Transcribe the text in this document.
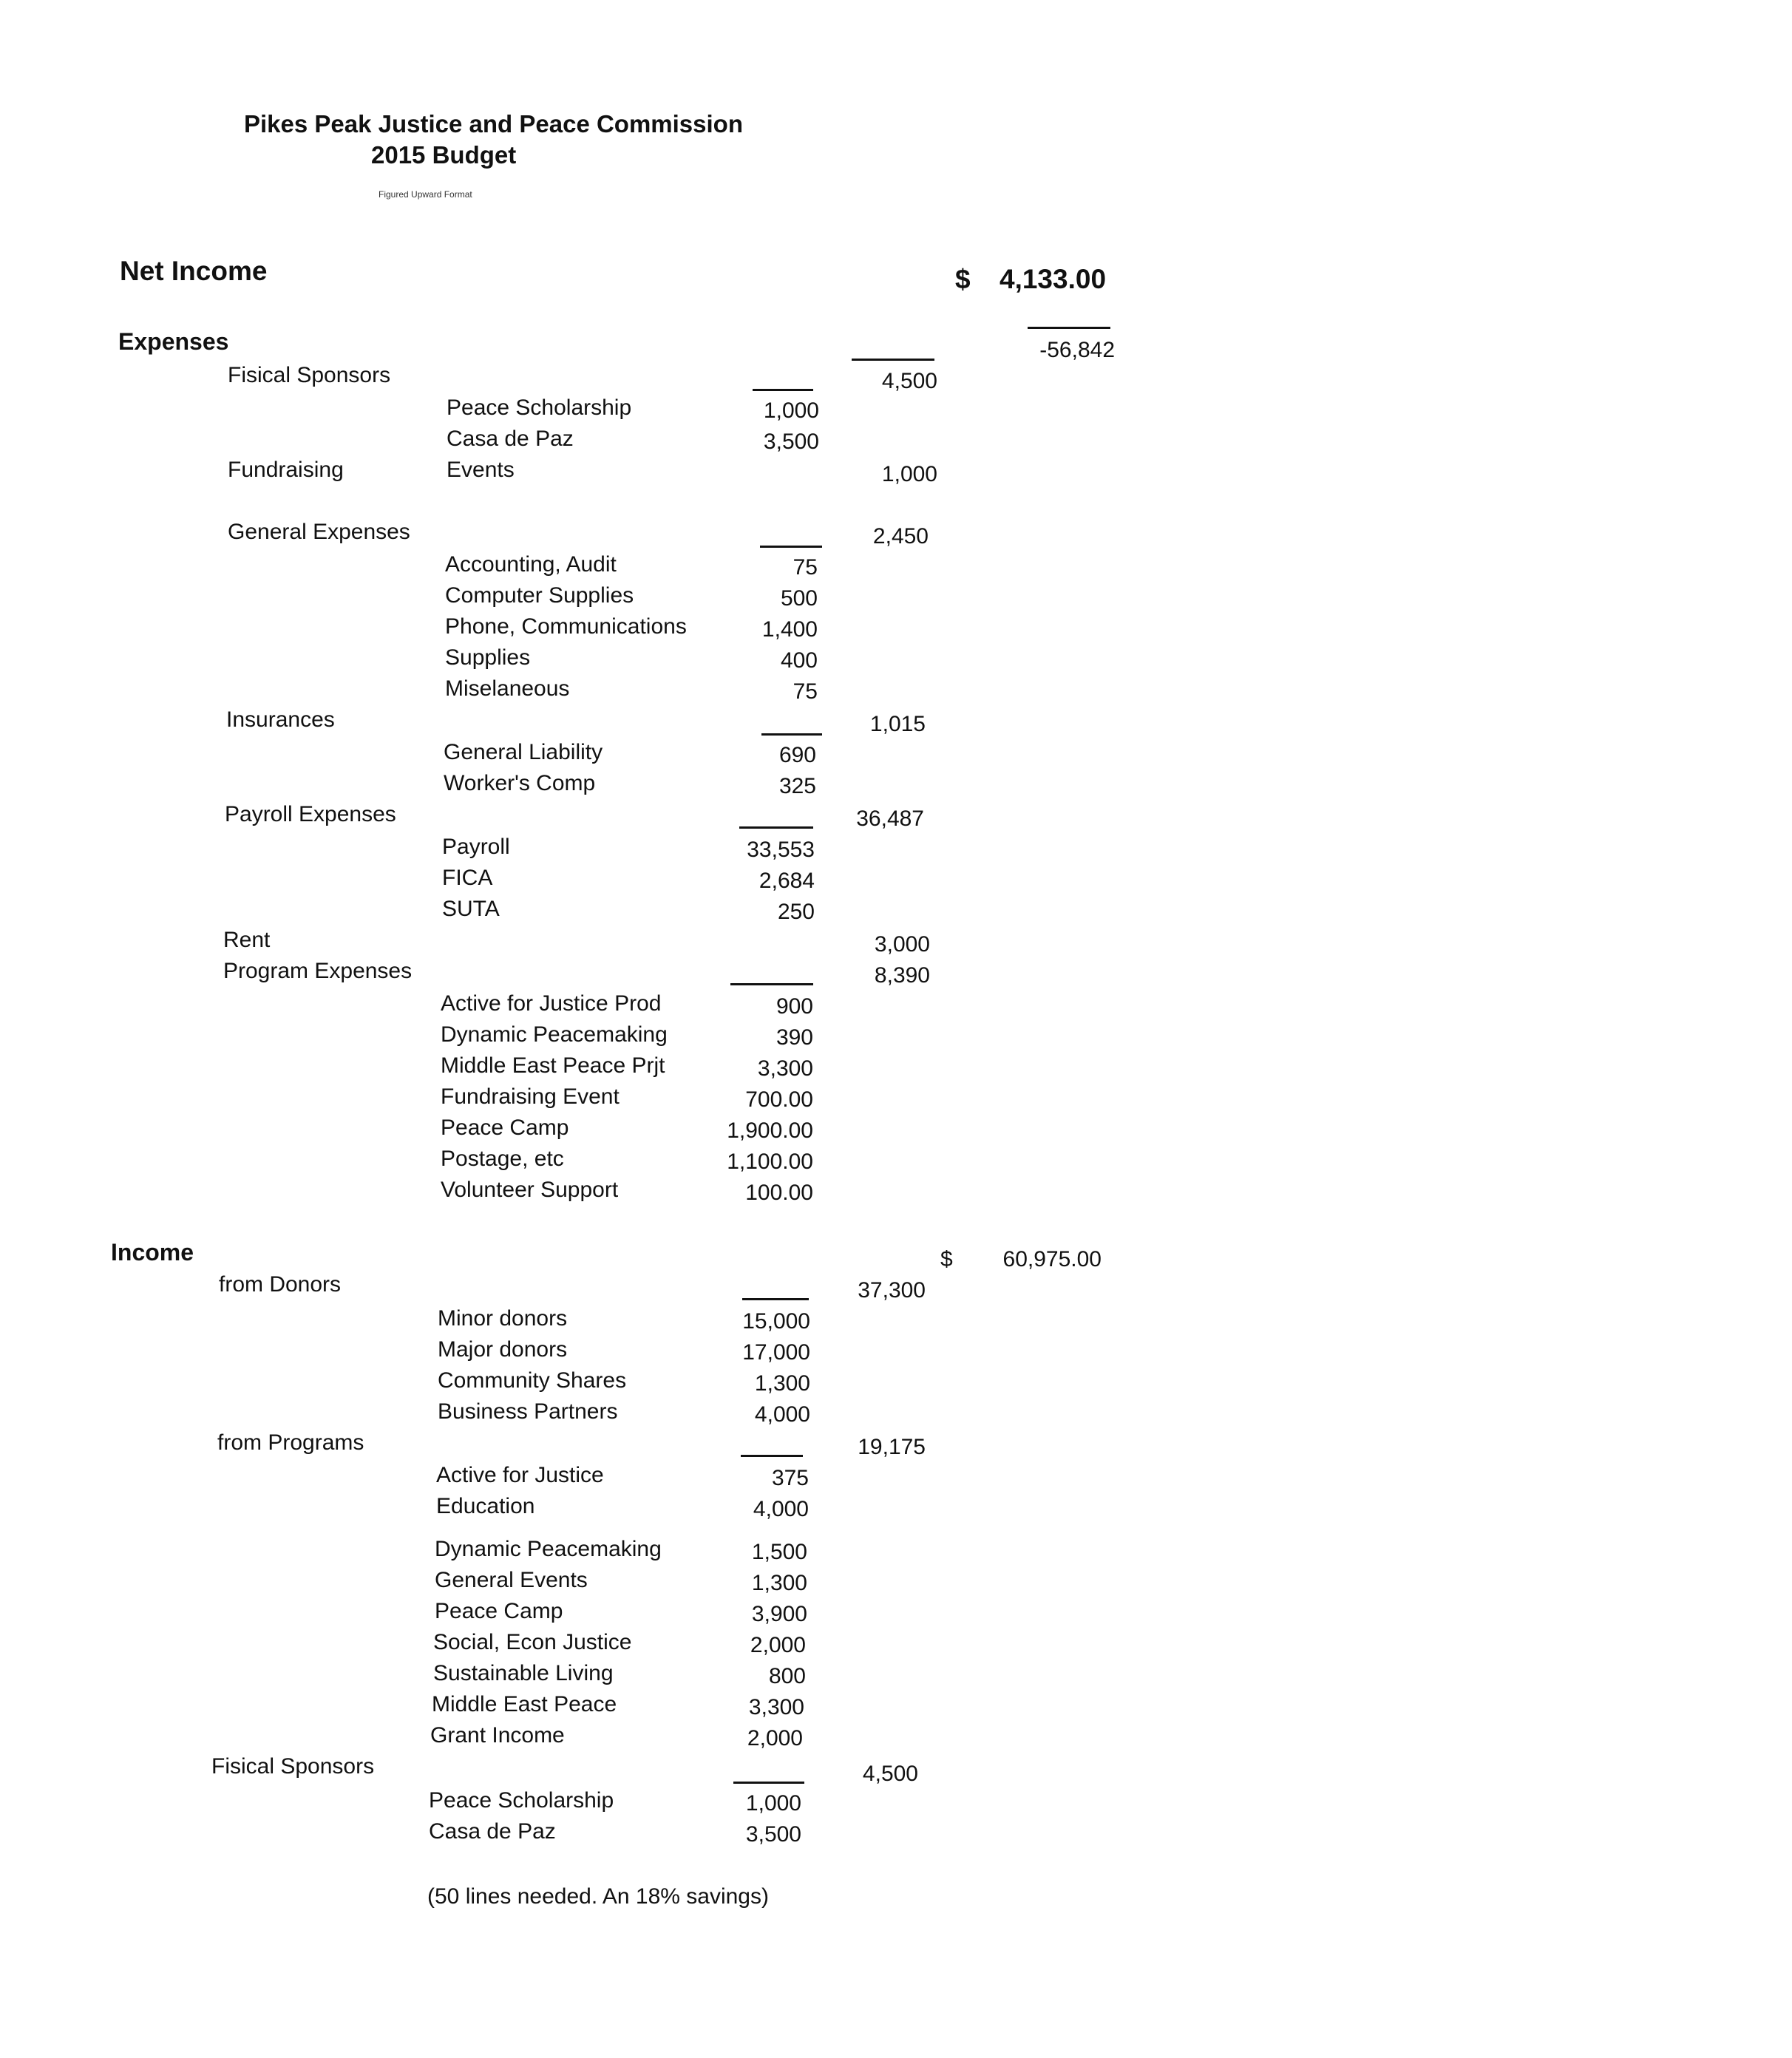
Pikes Peak Justice and Peace Commission
2015 Budget
Figured Upward Format
Net Income	$ 4,133.00
Expenses	-56,842
Fisical Sponsors	4,500
Peace Scholarship	1,000
Casa de Paz	3,500
Fundraising	Events	1,000
General Expenses	2,450
Accounting, Audit	75
Computer Supplies	500
Phone, Communications	1,400
Supplies	400
Miselaneous	75
Insurances	1,015
General Liability	690
Worker's Comp	325
Payroll Expenses	36,487
Payroll	33,553
FICA	2,684
SUTA	250
Rent	3,000
Program Expenses	8,390
Active for Justice Prod	900
Dynamic Peacemaking	390
Middle East Peace Prjt	3,300
Fundraising Event	700.00
Peace Camp	1,900.00
Postage, etc	1,100.00
Volunteer Support	100.00
Income	$	60,975.00
from Donors	37,300
Minor donors	15,000
Major donors	17,000
Community Shares	1,300
Business Partners	4,000
from Programs	19,175
Active for Justice	375
Education	4,000
Dynamic Peacemaking	1,500
General Events	1,300
Peace Camp	3,900
Social, Econ Justice	2,000
Sustainable Living	800
Middle East Peace	3,300
Grant Income	2,000
Fisical Sponsors	4,500
Peace Scholarship	1,000
Casa de Paz	3,500
(50 lines needed. An 18% savings)
